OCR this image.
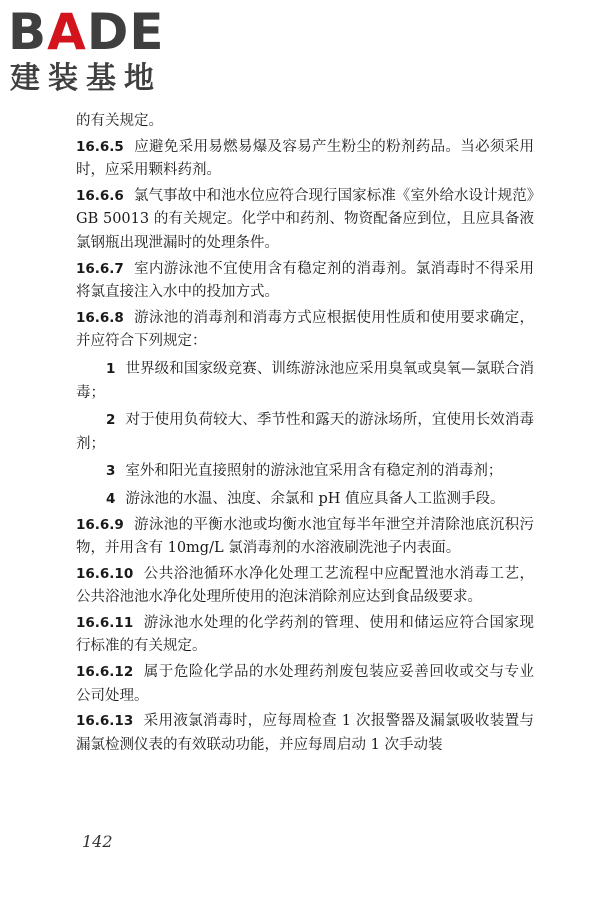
BADE
建装基地

的有关规定。

16.6.5 应避免采用易燃易爆及容易产生粉尘的粉剂药品。当必须采用时，应采用颗料药剂。

16.6.6 氯气事故中和池水位应符合现行国家标准《室外给水设计规范》GB 50013 的有关规定。化学中和药剂、物资配备应到位，且应具备液氯钢瓶出现泄漏时的处理条件。

16.6.7 室内游泳池不宜使用含有稳定剂的消毒剂。氯消毒时不得采用将氯直接注入水中的投加方式。

16.6.8 游泳池的消毒剂和消毒方式应根据使用性质和使用要求确定，并应符合下列规定：

1 世界级和国家级竞赛、训练游泳池应采用臭氧或臭氧—氯联合消毒；

2 对于使用负荷较大、季节性和露天的游泳场所，宜使用长效消毒剂；

3 室外和阳光直接照射的游泳池宜采用含有稳定剂的消毒剂；

4 游泳池的水温、浊度、余氯和 pH 值应具备人工监测手段。

16.6.9 游泳池的平衡水池或均衡水池宜每半年泄空并清除池底沉积污物，并用含有 10mg/L 氯消毒剂的水溶液刷洗池子内表面。

16.6.10 公共浴池循环水净化处理工艺流程中应配置池水消毒工艺，公共浴池池水净化处理所使用的泡沫消除剂应达到食品级要求。

16.6.11 游泳池水处理的化学药剂的管理、使用和储运应符合国家现行标准的有关规定。

16.6.12 属于危险化学品的水处理药剂废包装应妥善回收或交与专业公司处理。

16.6.13 采用液氯消毒时，应每周检查 1 次报警器及漏氯吸收装置与漏氯检测仪表的有效联动功能，并应每周启动 1 次手动装

142
